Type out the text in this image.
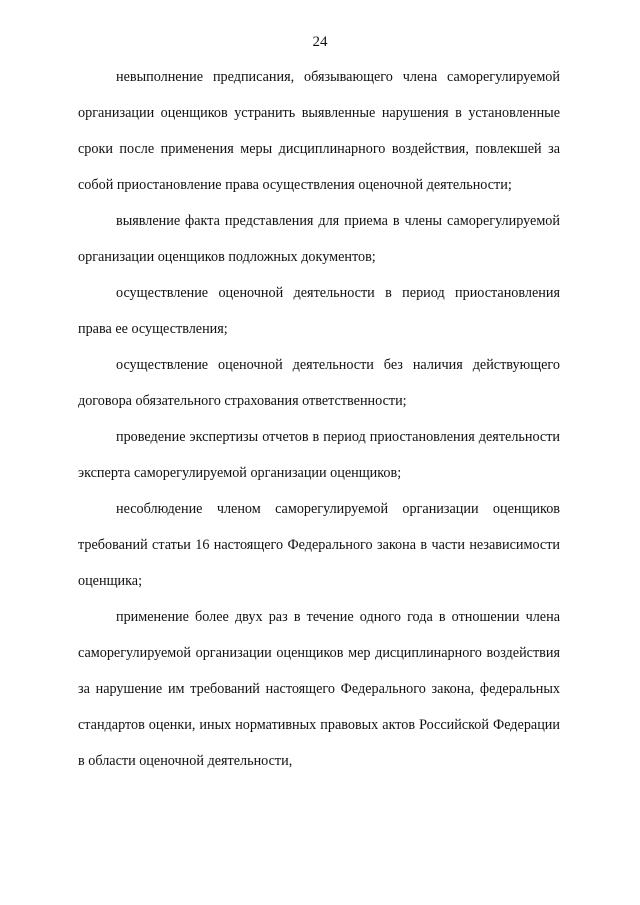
24

невыполнение предписания, обязывающего члена саморегулируемой организации оценщиков устранить выявленные нарушения в установленные сроки после применения меры дисциплинарного воздействия, повлекшей за собой приостановление права осуществления оценочной деятельности;

выявление факта представления для приема в члены саморегулируемой организации оценщиков подложных документов;

осуществление оценочной деятельности в период приостановления права ее осуществления;

осуществление оценочной деятельности без наличия действующего договора обязательного страхования ответственности;

проведение экспертизы отчетов в период приостановления деятельности эксперта саморегулируемой организации оценщиков;

несоблюдение членом саморегулируемой организации оценщиков требований статьи 16 настоящего Федерального закона в части независимости оценщика;

применение более двух раз в течение одного года в отношении члена саморегулируемой организации оценщиков мер дисциплинарного воздействия за нарушение им требований настоящего Федерального закона, федеральных стандартов оценки, иных нормативных правовых актов Российской Федерации в области оценочной деятельности,
